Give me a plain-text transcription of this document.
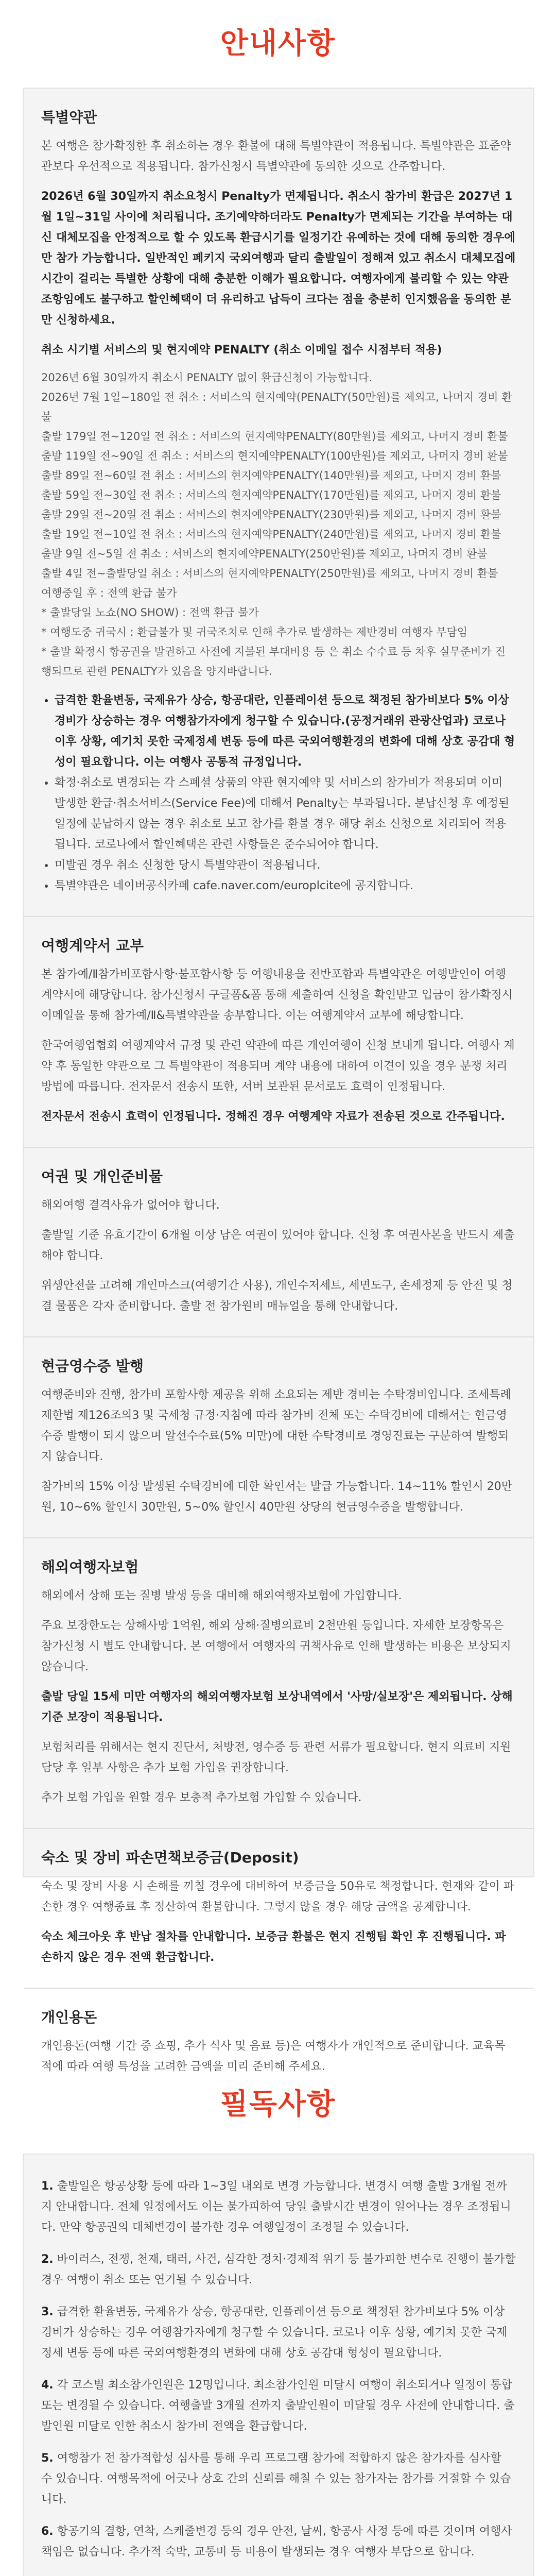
안내사항
특별약관

본 여행은 참가확정한 후 취소하는 경우 환불에 대해 특별약관이 적용됩니다. 특별약관은 표준약관보다 우선적으로 적용됩니다. 참가신청시 특별약관에 동의한 것으로 간주합니다.

2026년 6월 30일까지 취소요청시 Penalty가 면제됩니다. 취소시 참가비 환급은 2027년 1월 1일~31일 사이에 처리됩니다. 조기예약하더라도 Penalty가 면제되는 기간을 부여하는 대신 대체모집을 안정적으로 할 수 있도록 환급시기를 일정기간 유예하는 것에 대해 동의한 경우에만 참가 가능합니다. 일반적인 페키지 국외여행과 달리 출발일이 정해져 있고 취소시 대체모집에 시간이 걸리는 특별한 상황에 대해 충분한 이해가 필요합니다. 여행자에게 불리할 수 있는 약관 조항임에도 불구하고 할인혜택이 더 유리하고 납득이 크다는 점을 충분히 인지했음을 동의한 분만 신청하세요.

취소 시기별 서비스의 및 현지예약 PENALTY (취소 이메일 접수 시점부터 적용)

2026년 6월 30일까지 취소시 PENALTY 없이 환급신청이 가능합니다.
2026년 7월 1일~180일 전 취소 : 서비스의 현지예약(PENALTY(50만원)를 제외고, 나머지 경비 환불
출발 179일 전~120일 전 취소 : 서비스의 현지예약PENALTY(80만원)를 제외고, 나머지 경비 환불
출발 119일 전~90일 전 취소 : 서비스의 현지예약PENALTY(100만원)를 제외고, 나머지 경비 환불
출발 89일 전~60일 전 취소 : 서비스의 현지예약PENALTY(140만원)를 제외고, 나머지 경비 환불
출발 59일 전~30일 전 취소 : 서비스의 현지예약PENALTY(170만원)를 제외고, 나머지 경비 환불
출발 29일 전~20일 전 취소 : 서비스의 현지예약PENALTY(230만원)를 제외고, 나머지 경비 환불
출발 19일 전~10일 전 취소 : 서비스의 현지예약PENALTY(240만원)를 제외고, 나머지 경비 환불
출발 9일 전~5일 전 취소 : 서비스의 현지예약PENALTY(250만원)를 제외고, 나머지 경비 환불
출발 4일 전~출발당일 취소 : 서비스의 현지예약PENALTY(250만원)를 제외고, 나머지 경비 환불
여행중일 후 : 전액 환급 불가
* 출발당일 노쇼(NO SHOW) : 전액 환급 불가
* 여행도중 귀국시 : 환급불가 및 귀국조치로 인해 추가로 발생하는 제반경비 여행자 부담임
* 출발 확정시 항공권을 발권하고 사전에 지불된 부대비용 등 은 취소 수수료 등 차후 실무준비가 진행되므로 관련 PENALTY가 있음을 양지바랍니다.
• 급격한 환율변동, 국제유가 상승, 항공대란, 인플레이션 등으로 책정된 참가비보다 5% 이상 경비가 상승하는 경우 여행참가자에게 청구할 수 있습니다.(공정거래위 관광산업과) 코로나 이후 상황, 예기치 못한 국제정세 변동 등에 따른 국외여행환경의 변화에 대해 상호 공감대 형성이 필요합니다. 이는 여행사 공통적 규정입니다.
• 확정·취소로 변경되는 각 스폐셜 상품의 약관 현지예약 및 서비스의 참가비가 적용되며 이미 발생한 환급·취소서비스(Service Fee)에 대해서 Penalty는 부과됩니다. 분납신청 후 예정된 일정에 분납하지 않는 경우 취소로 보고 참가를 환불 경우 해당 취소 신청으로 처리되어 적용됩니다. 코로나에서 할인혜택은 관련 사항들은 준수되어야 합니다.
• 미발권 경우 취소 신청한 당시 특별약관이 적용됩니다.
• 특별약관은 네이버공식카페 cafe.naver.com/europlcite에 공지합니다.
여행계약서 교부

본 참가예/Ⅱ참가비포함사항·불포함사항 등 여행내용을 전반포함과 특별약관은 여행발인이 여행계약서에 해당합니다. 참가신청서 구글폼&폼 통해 제출하여 신청을 확인받고 입금이 참가확정시 이메일을 통해 참가예/Ⅱ&특별약관을 송부합니다. 이는 여행계약서 교부에 해당합니다.

한국여행업협회 여행계약서 규정 및 관련 약관에 따른 개인여행이 신청 보내게 됩니다. 여행사 계약 후 동일한 약관으로 그 특별약관이 적용되며 계약 내용에 대하여 이견이 있을 경우 분쟁 처리 방법에 따릅니다. 전자문서 전송시 또한, 서버 보관된 문서로도 효력이 인정됩니다.

전자문서 전송시 효력이 인정됩니다. 정해진 경우 여행계약 자료가 전송된 것으로 간주됩니다.

여권 및 개인준비물

해외여행 결격사유가 없어야 합니다.

출발일 기준 유효기간이 6개월 이상 남은 여권이 있어야 합니다. 신청 후 여권사본을 반드시 제출해야 합니다.

위생안전을 고려해 개인마스크(여행기간 사용), 개인수저세트, 세면도구, 손세정제 등 안전 및 청결 물품은 각자 준비합니다. 출발 전 참가원비 매뉴얼을 통해 안내합니다.

현금영수증 발행

여행준비와 진행, 참가비 포함사항 제공을 위해 소요되는 제반 경비는 수탁경비입니다. 조세특례제한법 제126조의3 및 국세청 규정·지침에 따라 참가비 전체 또는 수탁경비에 대해서는 현금영수증 발행이 되지 않으며 알선수수료(5% 미만)에 대한 수탁경비로 경영진료는 구분하여 발행되지 않습니다.

참가비의 15% 이상 발생된 수탁경비에 대한 확인서는 발급 가능합니다. 14~11% 할인시 20만원, 10~6% 할인시 30만원, 5~0% 할인시 40만원 상당의 현금영수증을 발행합니다.

해외여행자보험

해외에서 상해 또는 질병 발생 등을 대비해 해외여행자보험에 가입합니다.

주요 보장한도는 상해사망 1억원, 해외 상해·질병의료비 2천만원 등입니다. 자세한 보장항목은 참가신청 시 별도 안내합니다. 본 여행에서 여행자의 귀책사유로 인해 발생하는 비용은 보상되지 않습니다.

출발 당일 15세 미만 여행자의 해외여행자보험 보상내역에서 '사망/실보장'은 제외됩니다. 상해 기준 보장이 적용됩니다.

보험처리를 위해서는 현지 진단서, 처방전, 영수증 등 관련 서류가 필요합니다. 현지 의료비 지원 담당 후 일부 사항은 추가 보험 가입을 권장합니다.

추가 보험 가입을 원할 경우 보충적 추가보험 가입할 수 있습니다.

숙소 및 장비 파손면책보증금(Deposit)

숙소 및 장비 사용 시 손해를 끼칠 경우에 대비하여 보증금을 50유로 책정합니다. 현재와 같이 파손한 경우 여행종료 후 정산하여 환불합니다. 그렇지 않을 경우 해당 금액을 공제합니다.

숙소 체크아웃 후 반납 절차를 안내합니다. 보증금 환불은 현지 진행팀 확인 후 진행됩니다. 파손하지 않은 경우 전액 환급합니다.

개인용돈

개인용돈(여행 기간 중 쇼핑, 추가 식사 및 음료 등)은 여행자가 개인적으로 준비합니다. 교육목적에 따라 여행 특성을 고려한 금액을 미리 준비해 주세요.

필독사항
1. 출발일은 항공상황 등에 따라 1~3일 내외로 변경 가능합니다. 변경시 여행 출발 3개월 전까지 안내합니다. 전체 일정에서도 이는 불가피하여 당일 출발시간 변경이 일어나는 경우 조정됩니다. 만약 항공권의 대체변경이 불가한 경우 여행일정이 조정될 수 있습니다.
2. 바이러스, 전쟁, 천재, 태러, 사건, 심각한 정치·경제적 위기 등 불가피한 변수로 진행이 불가할 경우 여행이 취소 또는 연기될 수 있습니다.
3. 급격한 환율변동, 국제유가 상승, 항공대란, 인플레이션 등으로 책정된 참가비보다 5% 이상 경비가 상승하는 경우 여행참가자에게 청구할 수 있습니다. 코로나 이후 상황, 예기치 못한 국제정세 변동 등에 따른 국외여행환경의 변화에 대해 상호 공감대 형성이 필요합니다.
4. 각 코스별 최소참가인원은 12명입니다. 최소참가인원 미달시 여행이 취소되거나 일정이 통합 또는 변경될 수 있습니다. 여행출발 3개월 전까지 출발인원이 미달될 경우 사전에 안내합니다. 출발인원 미달로 인한 취소시 참가비 전액을 환급합니다.
5. 여행참가 전 참가적합성 심사를 통해 우리 프로그램 참가에 적합하지 않은 참가자를 심사할 수 있습니다. 여행목적에 어긋나 상호 간의 신뢰를 해칠 수 있는 참가자는 참가를 거절할 수 있습니다.
6. 항공기의 결항, 연착, 스케줄변경 등의 경우 안전, 날씨, 항공사 사정 등에 따른 것이며 여행사 책임은 없습니다. 추가적 숙박, 교통비 등 비용이 발생되는 경우 여행자 부담으로 합니다.
